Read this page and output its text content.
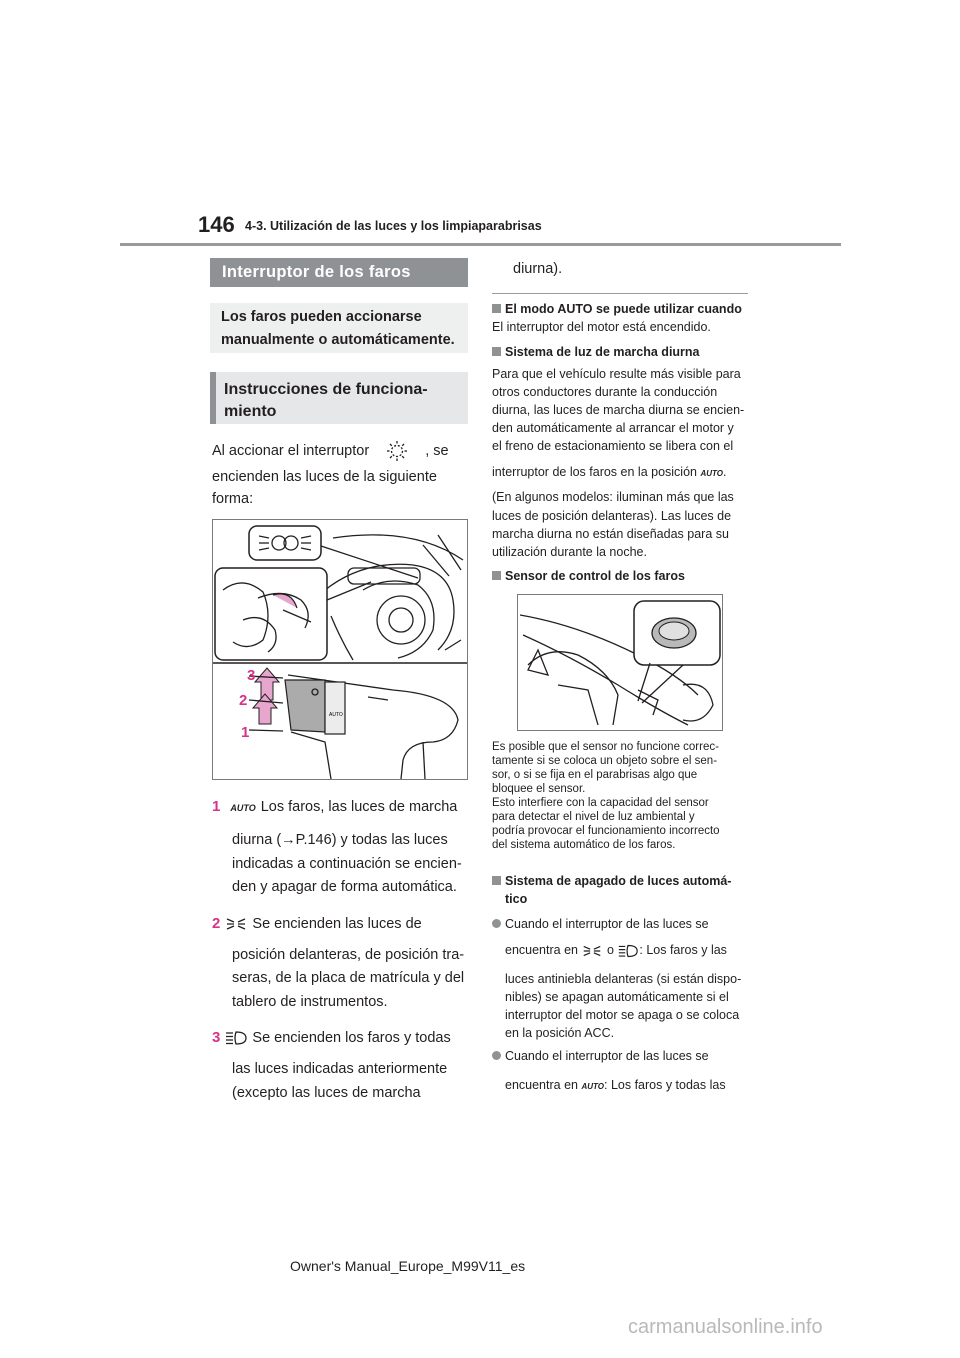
146 4-3. Utilización de las luces y los limpiaparabrisas
Interruptor de los faros
Los faros pueden accionarse
manualmente o automáticamente.
Instrucciones de funciona-
miento
Al accionar el interruptor	, se
encienden las luces de la siguiente
forma:
AUTO
3
2
1
1 AUTO Los faros, las luces de marcha
diurna (→P.146) y todas las luces
indicadas a continuación se encien-
den y apagar de forma automática.
2 Se encienden las luces de
posición delanteras, de posición tra-
seras, de la placa de matrícula y del
tablero de instrumentos.
3 Se encienden los faros y todas
las luces indicadas anteriormente
(excepto las luces de marcha
diurna).
El modo AUTO se puede utilizar cuando
El interruptor del motor está encendido.
Sistema de luz de marcha diurna
Para que el vehículo resulte más visible para
otros conductores durante la conducción
diurna, las luces de marcha diurna se encien-
den automáticamente al arrancar el motor y
el freno de estacionamiento se libera con el
interruptor de los faros en la posición AUTO.
(En algunos modelos: iluminan más que las
luces de posición delanteras). Las luces de
marcha diurna no están diseñadas para su
utilización durante la noche.
Sensor de control de los faros
Es posible que el sensor no funcione correc-
tamente si se coloca un objeto sobre el sen-
sor, o si se fija en el parabrisas algo que
bloquee el sensor.
Esto interfiere con la capacidad del sensor
para detectar el nivel de luz ambiental y
podría provocar el funcionamiento incorrecto
del sistema automático de los faros.
Sistema de apagado de luces automá-
tico
Cuando el interruptor de las luces se
encuentra en o : Los faros y las
luces antiniebla delanteras (si están dispo-
nibles) se apagan automáticamente si el
interruptor del motor se apaga o se coloca
en la posición ACC.
Cuando el interruptor de las luces se
encuentra en AUTO: Los faros y todas las
Owner's Manual_Europe_M99V11_es
carmanualsonline.info
